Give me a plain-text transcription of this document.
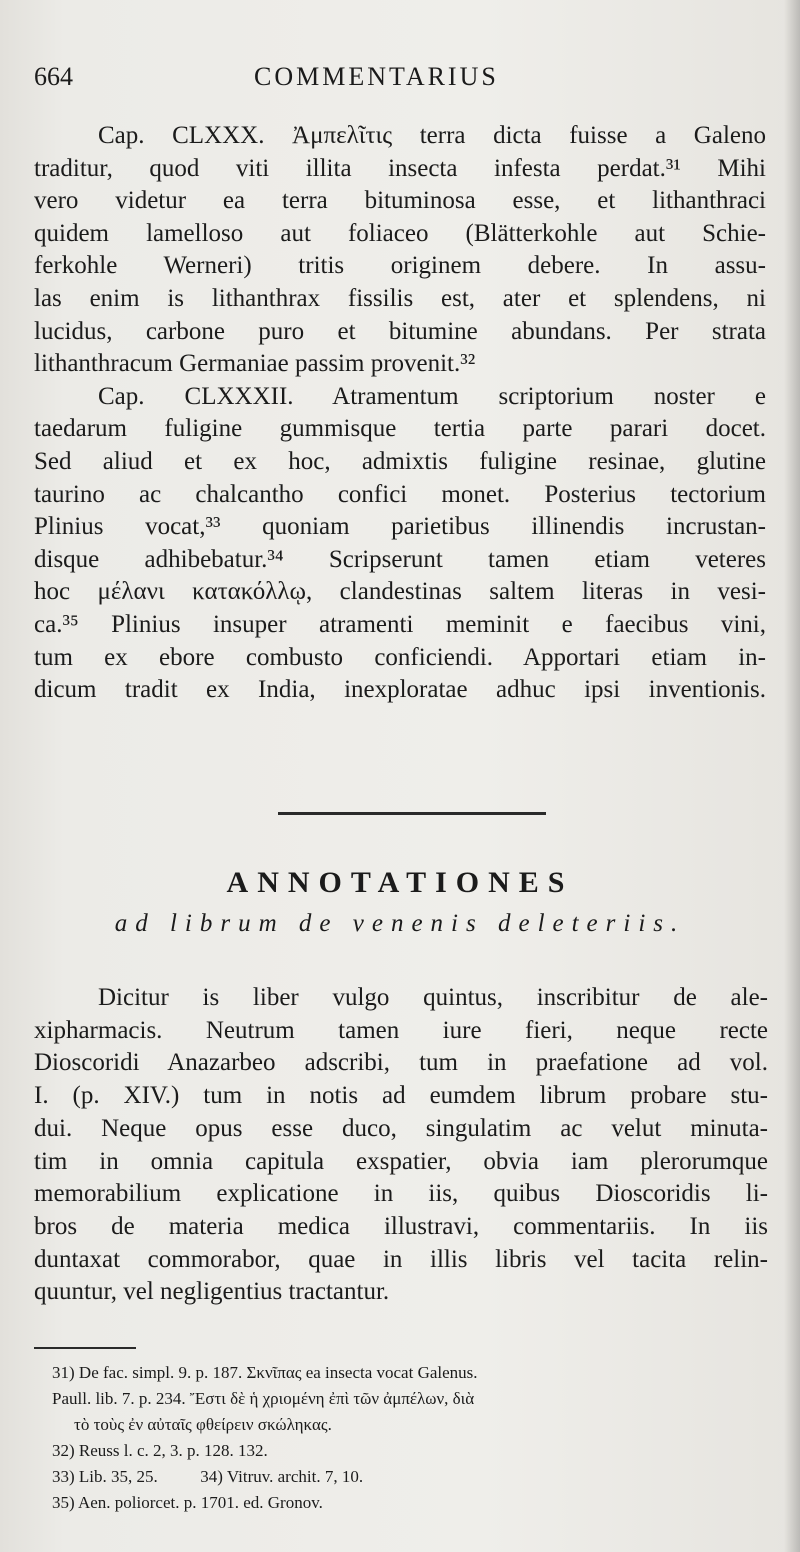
664	COMMENTARIUS
Cap. CLXXX. Ἀμπελῖτις terra dicta fuisse a Galeno
traditur, quod viti illita insecta infesta perdat.³¹ Mihi
vero videtur ea terra bituminosa esse, et lithanthraci
quidem lamelloso aut foliaceo (Blätterkohle aut Schie-
ferkohle Werneri) tritis originem debere. In assu-
las enim is lithanthrax fissilis est, ater et splendens, ni
lucidus, carbone puro et bitumine abundans. Per strata
lithanthracum Germaniae passim provenit.³²
Cap. CLXXXII. Atramentum scriptorium noster e
taedarum fuligine gummisque tertia parte parari docet.
Sed aliud et ex hoc, admixtis fuligine resinae, glutine
taurino ac chalcantho confici monet. Posterius tectorium
Plinius vocat,³³ quoniam parietibus illinendis incrustan-
disque adhibebatur.³⁴ Scripserunt tamen etiam veteres
hoc μέλανι κατακόλλῳ, clandestinas saltem literas in vesi-
ca.³⁵ Plinius insuper atramenti meminit e faecibus vini,
tum ex ebore combusto conficiendi. Apportari etiam in-
dicum tradit ex India, inexploratae adhuc ipsi inventionis.
ANNOTATIONES
ad librum de venenis deleteriis.
Dicitur is liber vulgo quintus, inscribitur de ale-
xipharmacis. Neutrum tamen iure fieri, neque recte
Dioscoridi Anazarbeo adscribi, tum in praefatione ad vol.
I. (p. XIV.) tum in notis ad eumdem librum probare stu-
dui. Neque opus esse duco, singulatim ac velut minuta-
tim in omnia capitula exspatier, obvia iam plerorumque
memorabilium explicatione in iis, quibus Dioscoridis li-
bros de materia medica illustravi, commentariis. In iis
duntaxat commorabor, quae in illis libris vel tacita relin-
quuntur, vel negligentius tractantur.
31) De fac. simpl. 9. p. 187. Σκνῖπας ea insecta vocat Galenus.
Paull. lib. 7. p. 234. Ἔστι δὲ ἡ χριομένη ἐπὶ τῶν ἀμπέλων, διὰ
τὸ τοὺς ἐν αὐταῖς φθείρειν σκώληκας.
32) Reuss l. c. 2, 3. p. 128. 132.
33) Lib. 35, 25.          34) Vitruv. archit. 7, 10.
35) Aen. poliorcet. p. 1701. ed. Gronov.
